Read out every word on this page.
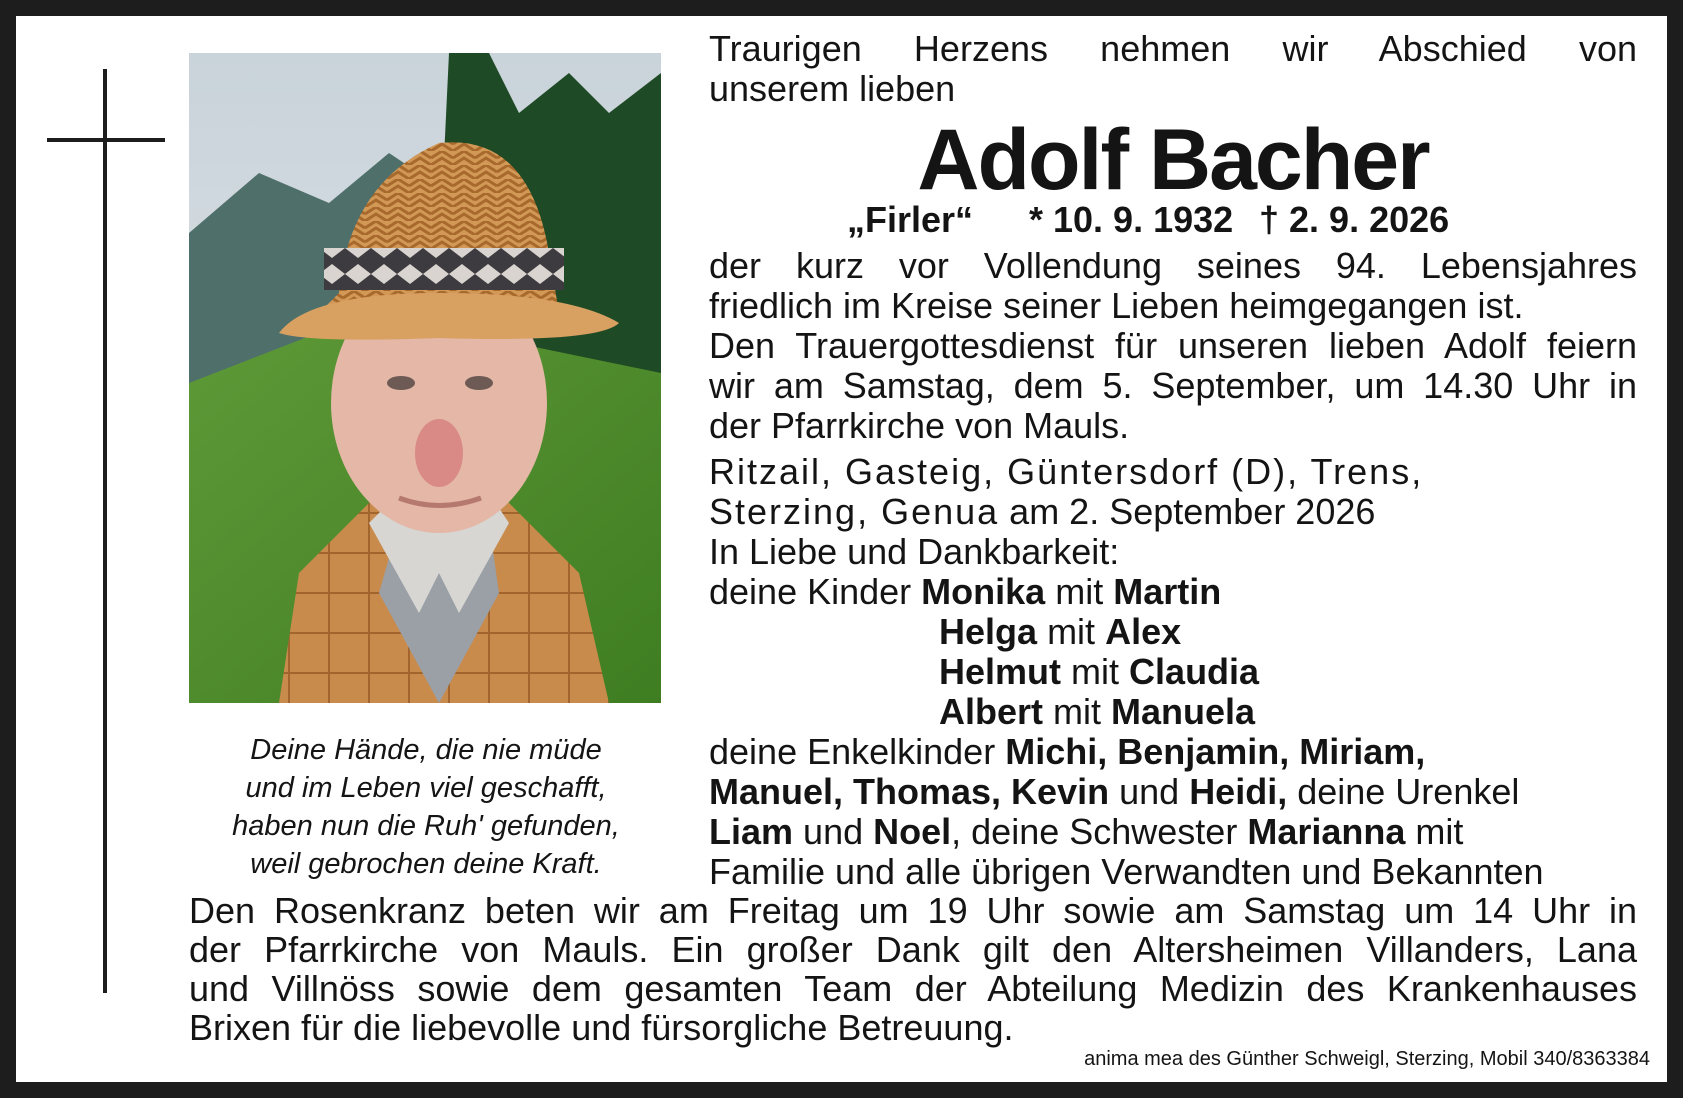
Deine Hände, die nie müde
und im Leben viel geschafft,
haben nun die Ruh' gefunden,
weil gebrochen deine Kraft.
Traurigen Herzens nehmen wir Abschied von
unserem lieben
Adolf Bacher
„Firler“ * 10. 9. 1932 † 2. 9. 2026
der kurz vor Vollendung seines 94. Lebensjahres
friedlich im Kreise seiner Lieben heimgegangen ist.
Den Trauergottesdienst für unseren lieben Adolf feiern
wir am Samstag, dem 5. September, um 14.30 Uhr in
der Pfarrkirche von Mauls.
Ritzail, Gasteig, Güntersdorf (D), Trens,
Sterzing, Genua am 2. September 2026
In Liebe und Dankbarkeit:
deine Kinder Monika mit Martin
Helga mit Alex
Helmut mit Claudia
Albert mit Manuela
deine Enkelkinder Michi, Benjamin, Miriam,
Manuel, Thomas, Kevin und Heidi, deine Urenkel
Liam und Noel, deine Schwester Marianna mit
Familie und alle übrigen Verwandten und Bekannten
Den Rosenkranz beten wir am Freitag um 19 Uhr sowie am Samstag um 14 Uhr in
der Pfarrkirche von Mauls. Ein großer Dank gilt den Altersheimen Villanders, Lana
und Villnöss sowie dem gesamten Team der Abteilung Medizin des Krankenhauses
Brixen für die liebevolle und fürsorgliche Betreuung.
anima mea des Günther Schweigl, Sterzing, Mobil 340/8363384
